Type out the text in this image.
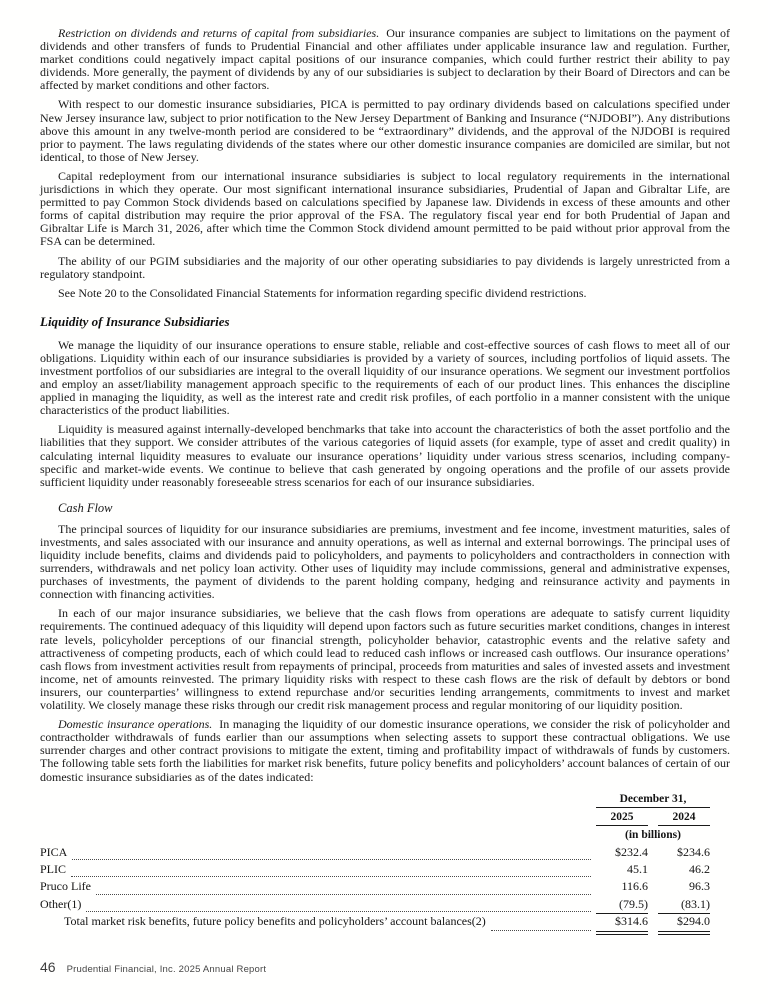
Restriction on dividends and returns of capital from subsidiaries. Our insurance companies are subject to limitations on the payment of dividends and other transfers of funds to Prudential Financial and other affiliates under applicable insurance law and regulation. Further, market conditions could negatively impact capital positions of our insurance companies, which could further restrict their ability to pay dividends. More generally, the payment of dividends by any of our subsidiaries is subject to declaration by their Board of Directors and can be affected by market conditions and other factors.

With respect to our domestic insurance subsidiaries, PICA is permitted to pay ordinary dividends based on calculations specified under New Jersey insurance law, subject to prior notification to the New Jersey Department of Banking and Insurance (“NJDOBI”). Any distributions above this amount in any twelve-month period are considered to be “extraordinary” dividends, and the approval of the NJDOBI is required prior to payment. The laws regulating dividends of the states where our other domestic insurance companies are domiciled are similar, but not identical, to those of New Jersey.

Capital redeployment from our international insurance subsidiaries is subject to local regulatory requirements in the international jurisdictions in which they operate. Our most significant international insurance subsidiaries, Prudential of Japan and Gibraltar Life, are permitted to pay Common Stock dividends based on calculations specified by Japanese law. Dividends in excess of these amounts and other forms of capital distribution may require the prior approval of the FSA. The regulatory fiscal year end for both Prudential of Japan and Gibraltar Life is March 31, 2026, after which time the Common Stock dividend amount permitted to be paid without prior approval from the FSA can be determined.

The ability of our PGIM subsidiaries and the majority of our other operating subsidiaries to pay dividends is largely unrestricted from a regulatory standpoint.

See Note 20 to the Consolidated Financial Statements for information regarding specific dividend restrictions.

Liquidity of Insurance Subsidiaries

We manage the liquidity of our insurance operations to ensure stable, reliable and cost-effective sources of cash flows to meet all of our obligations. Liquidity within each of our insurance subsidiaries is provided by a variety of sources, including portfolios of liquid assets. The investment portfolios of our subsidiaries are integral to the overall liquidity of our insurance operations. We segment our investment portfolios and employ an asset/liability management approach specific to the requirements of each of our product lines. This enhances the discipline applied in managing the liquidity, as well as the interest rate and credit risk profiles, of each portfolio in a manner consistent with the unique characteristics of the product liabilities.

Liquidity is measured against internally-developed benchmarks that take into account the characteristics of both the asset portfolio and the liabilities that they support. We consider attributes of the various categories of liquid assets (for example, type of asset and credit quality) in calculating internal liquidity measures to evaluate our insurance operations’ liquidity under various stress scenarios, including company-specific and market-wide events. We continue to believe that cash generated by ongoing operations and the profile of our assets provide sufficient liquidity under reasonably foreseeable stress scenarios for each of our insurance subsidiaries.

Cash Flow

The principal sources of liquidity for our insurance subsidiaries are premiums, investment and fee income, investment maturities, sales of investments, and sales associated with our insurance and annuity operations, as well as internal and external borrowings. The principal uses of liquidity include benefits, claims and dividends paid to policyholders, and payments to policyholders and contractholders in connection with surrenders, withdrawals and net policy loan activity. Other uses of liquidity may include commissions, general and administrative expenses, purchases of investments, the payment of dividends to the parent holding company, hedging and reinsurance activity and payments in connection with financing activities.

In each of our major insurance subsidiaries, we believe that the cash flows from operations are adequate to satisfy current liquidity requirements. The continued adequacy of this liquidity will depend upon factors such as future securities market conditions, changes in interest rate levels, policyholder perceptions of our financial strength, policyholder behavior, catastrophic events and the relative safety and attractiveness of competing products, each of which could lead to reduced cash inflows or increased cash outflows. Our insurance operations’ cash flows from investment activities result from repayments of principal, proceeds from maturities and sales of invested assets and investment income, net of amounts reinvested. The primary liquidity risks with respect to these cash flows are the risk of default by debtors or bond insurers, our counterparties’ willingness to extend repurchase and/or securities lending arrangements, commitments to invest and market volatility. We closely manage these risks through our credit risk management process and regular monitoring of our liquidity position.

Domestic insurance operations. In managing the liquidity of our domestic insurance operations, we consider the risk of policyholder and contractholder withdrawals of funds earlier than our assumptions when selecting assets to support these contractual obligations. We use surrender charges and other contract provisions to mitigate the extent, timing and profitability impact of withdrawals of funds by customers. The following table sets forth the liabilities for market risk benefits, future policy benefits and policyholders’ account balances of certain of our domestic insurance subsidiaries as of the dates indicated:

December 31,
2025	2024
(in billions)
PICA	$232.4	$234.6
PLIC	45.1	46.2
Pruco Life	116.6	96.3
Other(1)	(79.5)	(83.1)
Total market risk benefits, future policy benefits and policyholders’ account balances(2)	$314.6	$294.0
46 Prudential Financial, Inc. 2025 Annual Report
